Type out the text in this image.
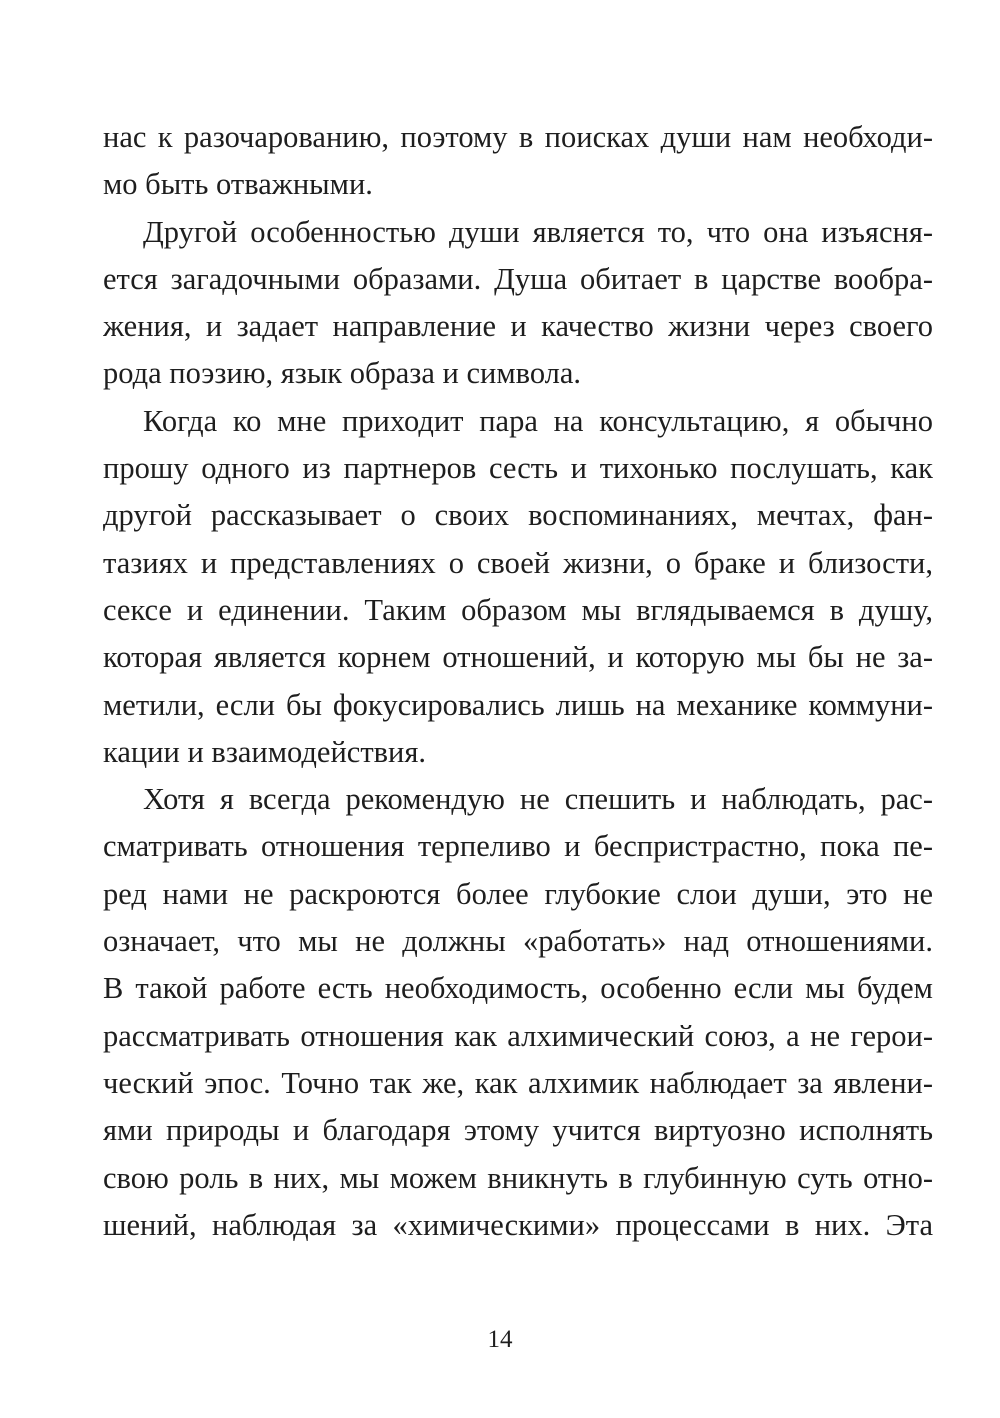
нас к разочарованию, поэтому в поисках души нам необходи-
мо быть отважными.
Другой особенностью души является то, что она изъясня-
ется загадочными образами. Душа обитает в царстве вообра-
жения, и задает направление и качество жизни через своего
рода поэзию, язык образа и символа.
Когда ко мне приходит пара на консультацию, я обычно
прошу одного из партнеров сесть и тихонько послушать, как
другой рассказывает о своих воспоминаниях, мечтах, фан-
тазиях и представлениях о своей жизни, о браке и близости,
сексе и единении. Таким образом мы вглядываемся в душу,
которая является корнем отношений, и которую мы бы не за-
метили, если бы фокусировались лишь на механике коммуни-
кации и взаимодействия.
Хотя я всегда рекомендую не спешить и наблюдать, рас-
сматривать отношения терпеливо и беспристрастно, пока пе-
ред нами не раскроются более глубокие слои души, это не
означает, что мы не должны «работать» над отношениями.
В такой работе есть необходимость, особенно если мы будем
рассматривать отношения как алхимический союз, а не герои-
ческий эпос. Точно так же, как алхимик наблюдает за явлени-
ями природы и благодаря этому учится виртуозно исполнять
свою роль в них, мы можем вникнуть в глубинную суть отно-
шений, наблюдая за «химическими» процессами в них. Эта
14
